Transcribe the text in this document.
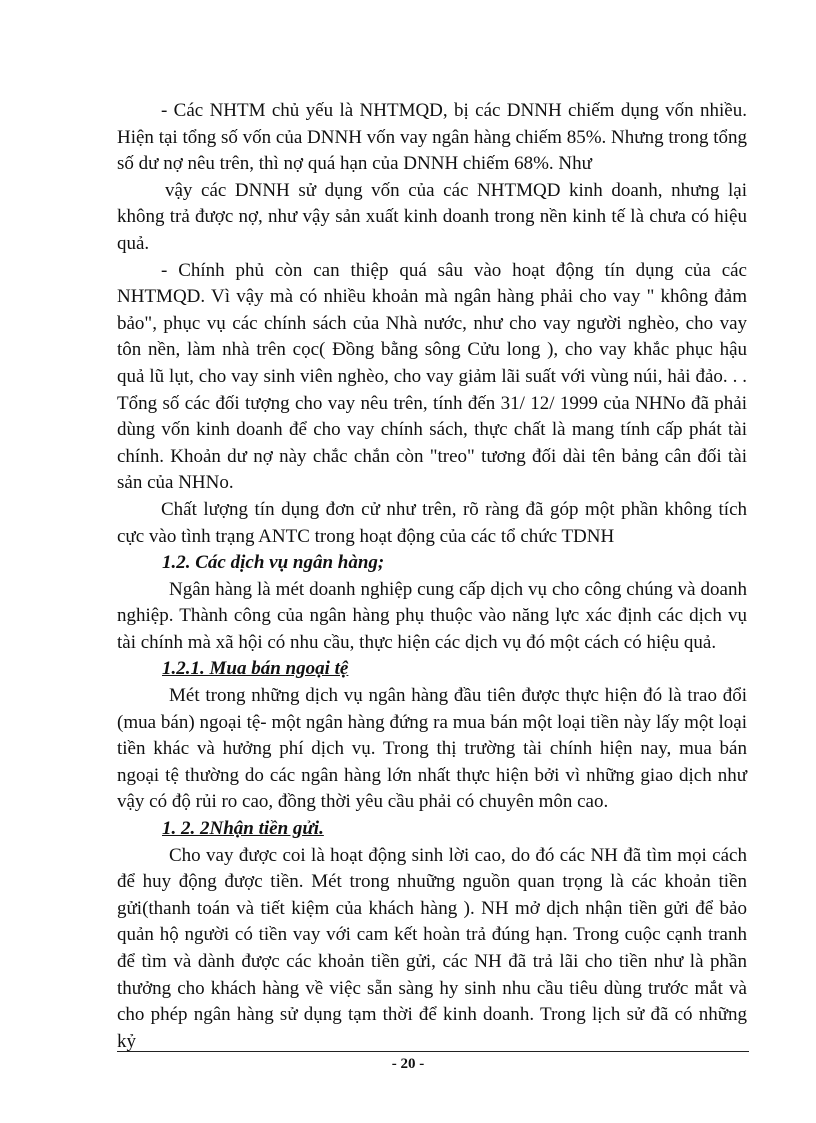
- Các NHTM chủ yếu là NHTMQD, bị các DNNH chiếm dụng vốn nhiều. Hiện tại tổng số vốn của DNNH vốn vay ngân hàng chiếm 85%. Nhưng trong tổng số dư nợ nêu trên, thì nợ quá hạn của DNNH chiếm 68%. Như

vậy các DNNH sử dụng vốn của các NHTMQD kinh doanh, nhưng lại không trả được nợ, như vậy sản xuất kinh doanh trong nền kinh tế là chưa có hiệu quả.

- Chính phủ còn can thiệp quá sâu vào hoạt động tín dụng của các NHTMQD. Vì vậy mà có nhiều khoản mà ngân hàng phải cho vay " không đảm bảo", phục vụ các chính sách của Nhà nước, như cho vay người nghèo, cho vay tôn nền, làm nhà trên cọc( Đồng bằng sông Cửu long ), cho vay khắc phục hậu quả lũ lụt, cho vay sinh viên nghèo, cho vay giảm lãi suất với vùng núi, hải đảo. . . Tổng số các đối tượng cho vay nêu trên, tính đến 31/ 12/ 1999 của NHNo đã phải dùng vốn kinh doanh để cho vay chính sách, thực chất là mang tính cấp phát tài chính. Khoản dư nợ này chắc chắn còn "treo" tương đối dài tên bảng cân đối tài sản của NHNo.

Chất lượng tín dụng đơn cử như trên, rõ ràng đã góp một phần không tích cực vào tình trạng ANTC trong hoạt động của các tổ chức TDNH

1.2. Các dịch vụ ngân hàng;

Ngân hàng là mét doanh nghiệp cung cấp dịch vụ cho công chúng và doanh nghiệp. Thành công của ngân hàng phụ thuộc vào năng lực xác định các dịch vụ tài chính mà xã hội có nhu cầu, thực hiện các dịch vụ đó một cách có hiệu quả.

1.2.1. Mua bán ngoại tệ

Mét trong những dịch vụ ngân hàng đầu tiên được thực hiện đó là trao đổi (mua bán) ngoại tệ- một ngân hàng đứng ra mua bán một loại tiền này lấy một loại tiền khác và hưởng phí dịch vụ. Trong thị trường tài chính hiện nay, mua bán ngoại tệ thường do các ngân hàng lớn nhất thực hiện bởi vì những giao dịch như vậy có độ rủi ro cao, đồng thời yêu cầu phải có chuyên môn cao.

1. 2. 2Nhận tiền gửi.

Cho vay được coi là hoạt động sinh lời cao, do đó các NH đã tìm mọi cách để huy động được tiền. Mét trong nhuững nguồn quan trọng là các khoản tiền gửi(thanh toán và tiết kiệm của khách hàng ). NH mở dịch nhận tiền gửi để bảo quản hộ người có tiền vay với cam kết hoàn trả đúng hạn. Trong cuộc cạnh tranh để tìm và dành được các khoản tiền gửi, các NH đã trả lãi cho tiền như là phần thưởng cho khách hàng về việc sẵn sàng hy sinh nhu cầu tiêu dùng trước mắt và cho phép ngân hàng sử dụng tạm thời để kinh doanh. Trong lịch sử đã có những kỷ

- 20 -
